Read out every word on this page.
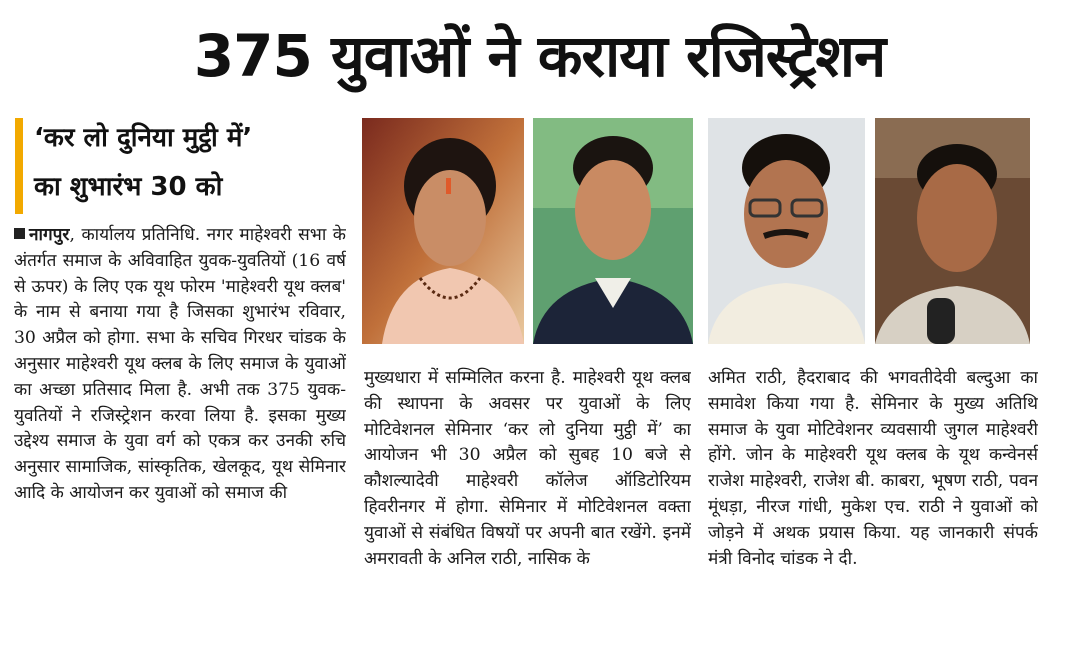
375 युवाओं ने कराया रजिस्ट्रेशन
‘कर लो दुनिया मुट्ठी में’
का शुभारंभ 30 को
नागपुर, कार्यालय प्रतिनिधि. नगर माहेश्वरी सभा के अंतर्गत समाज के अविवाहित युवक-युवतियों (16 वर्ष से ऊपर) के लिए एक यूथ फोरम 'माहेश्वरी यूथ क्लब' के नाम से बनाया गया है जिसका शुभारंभ रविवार, 30 अप्रैल को होगा. सभा के सचिव गिरधर चांडक के अनुसार माहेश्वरी यूथ क्लब के लिए समाज के युवाओं का अच्छा प्रतिसाद मिला है. अभी तक 375 युवक-युवतियों ने रजिस्ट्रेशन करवा लिया है. इसका मुख्य उद्देश्य समाज के युवा वर्ग को एकत्र कर उनकी रुचि अनुसार सामाजिक, सांस्कृतिक, खेलकूद, यूथ सेमिनार आदि के आयोजन कर युवाओं को समाज की
मुख्यधारा में सम्मिलित करना है. माहेश्वरी यूथ क्लब की स्थापना के अवसर पर युवाओं के लिए मोटिवेशनल सेमिनार ‘कर लो दुनिया मुट्ठी में’ का आयोजन भी 30 अप्रैल को सुबह 10 बजे से कौशल्यादेवी माहेश्वरी कॉलेज ऑडिटोरियम हिवरीनगर में होगा. सेमिनार में मोटिवेशनल वक्ता युवाओं से संबंधित विषयों पर अपनी बात रखेंगे. इनमें अमरावती के अनिल राठी, नासिक के
अमित राठी, हैदराबाद की भगवतीदेवी बल्दुआ का समावेश किया गया है. सेमिनार के मुख्य अतिथि समाज के युवा मोटिवेशनर व्यवसायी जुगल माहेश्वरी होंगे. जोन के माहेश्वरी यूथ क्लब के यूथ कन्वेनर्स राजेश माहेश्वरी, राजेश बी. काबरा, भूषण राठी, पवन मूंधड़ा, नीरज गांधी, मुकेश एच. राठी ने युवाओं को जोड़ने में अथक प्रयास किया. यह जानकारी संपर्क मंत्री विनोद चांडक ने दी.
